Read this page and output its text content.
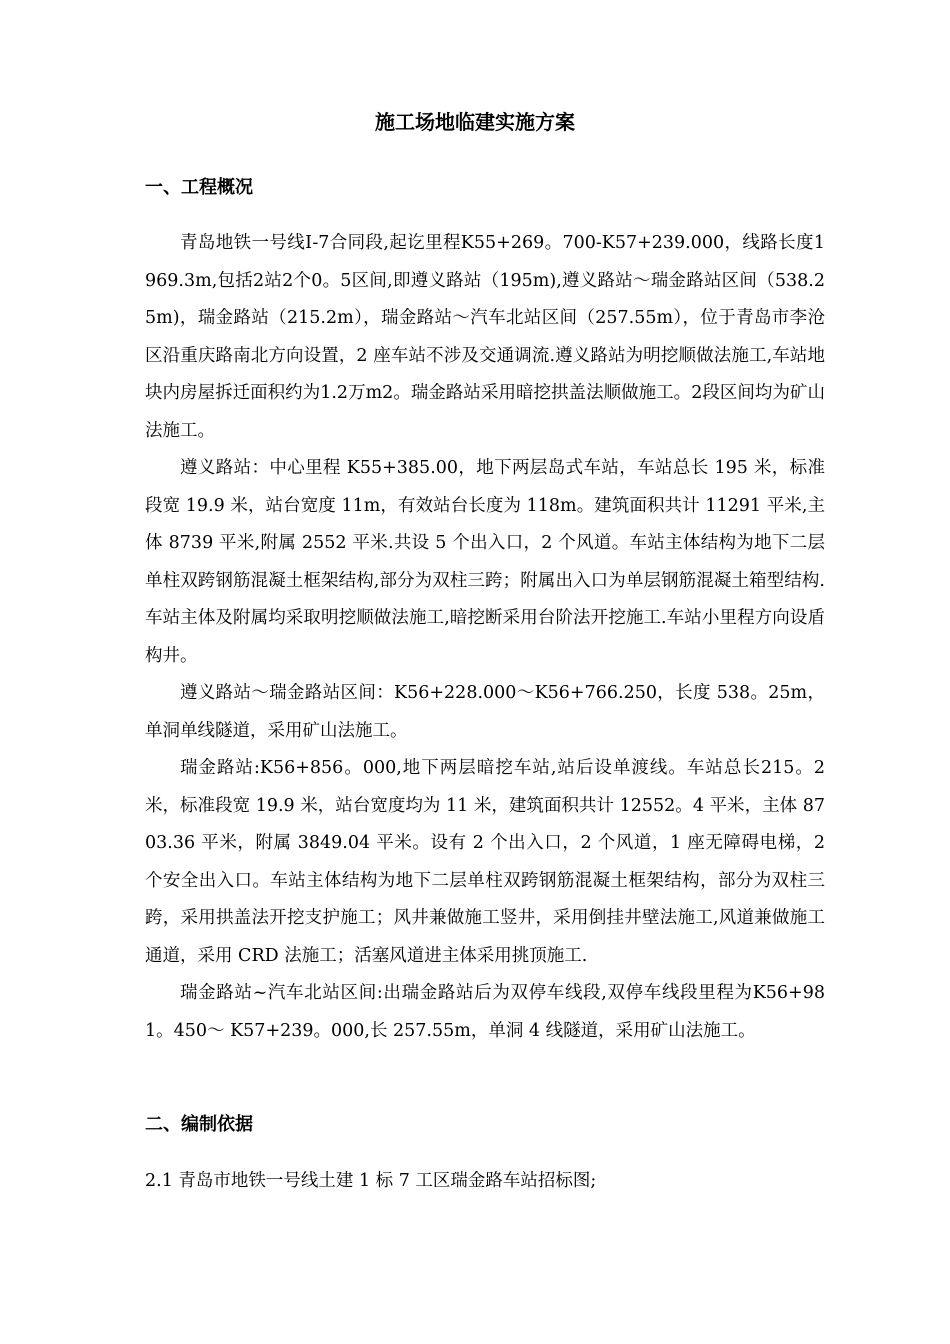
施工场地临建实施方案
一、工程概况

青岛地铁一号线Ⅰ-7合同段,起讫里程K55+269。700-K57+239.000，线路长度1969.3m,包括2站2个0。5区间,即遵义路站（195m),遵义路站～瑞金路站区间（538.25m)，瑞金路站（215.2m），瑞金路站～汽车北站区间（257.55m），位于青岛市李沧区沿重庆路南北方向设置，2 座车站不涉及交通调流.遵义路站为明挖顺做法施工,车站地块内房屋拆迁面积约为1.2万m2。瑞金路站采用暗挖拱盖法顺做施工。2段区间均为矿山法施工。

遵义路站：中心里程 K55+385.00，地下两层岛式车站，车站总长 195 米，标准段宽 19.9 米，站台宽度 11m，有效站台长度为 118m。建筑面积共计 11291 平米,主体 8739 平米,附属 2552 平米.共设 5 个出入口，2 个风道。车站主体结构为地下二层单柱双跨钢筋混凝土框架结构,部分为双柱三跨；附属出入口为单层钢筋混凝土箱型结构.车站主体及附属均采取明挖顺做法施工,暗挖断采用台阶法开挖施工.车站小里程方向设盾构井。

遵义路站～瑞金路站区间：K56+228.000～K56+766.250，长度 538。25m，单洞单线隧道，采用矿山法施工。

瑞金路站:K56+856。000,地下两层暗挖车站,站后设单渡线。车站总长215。2米，标准段宽 19.9 米，站台宽度均为 11 米，建筑面积共计 12552。4 平米，主体 8703.36 平米，附属 3849.04 平米。设有 2 个出入口，2 个风道，1 座无障碍电梯，2 个安全出入口。车站主体结构为地下二层单柱双跨钢筋混凝土框架结构，部分为双柱三跨，采用拱盖法开挖支护施工；风井兼做施工竖井，采用倒挂井壁法施工,风道兼做施工通道，采用 CRD 法施工；活塞风道进主体采用挑顶施工.

瑞金路站~汽车北站区间:出瑞金路站后为双停车线段,双停车线段里程为K56+981。450～ K57+239。000,长 257.55m，单洞 4 线隧道，采用矿山法施工。

二、编制依据
2.1 青岛市地铁一号线土建 1 标 7 工区瑞金路车站招标图;
